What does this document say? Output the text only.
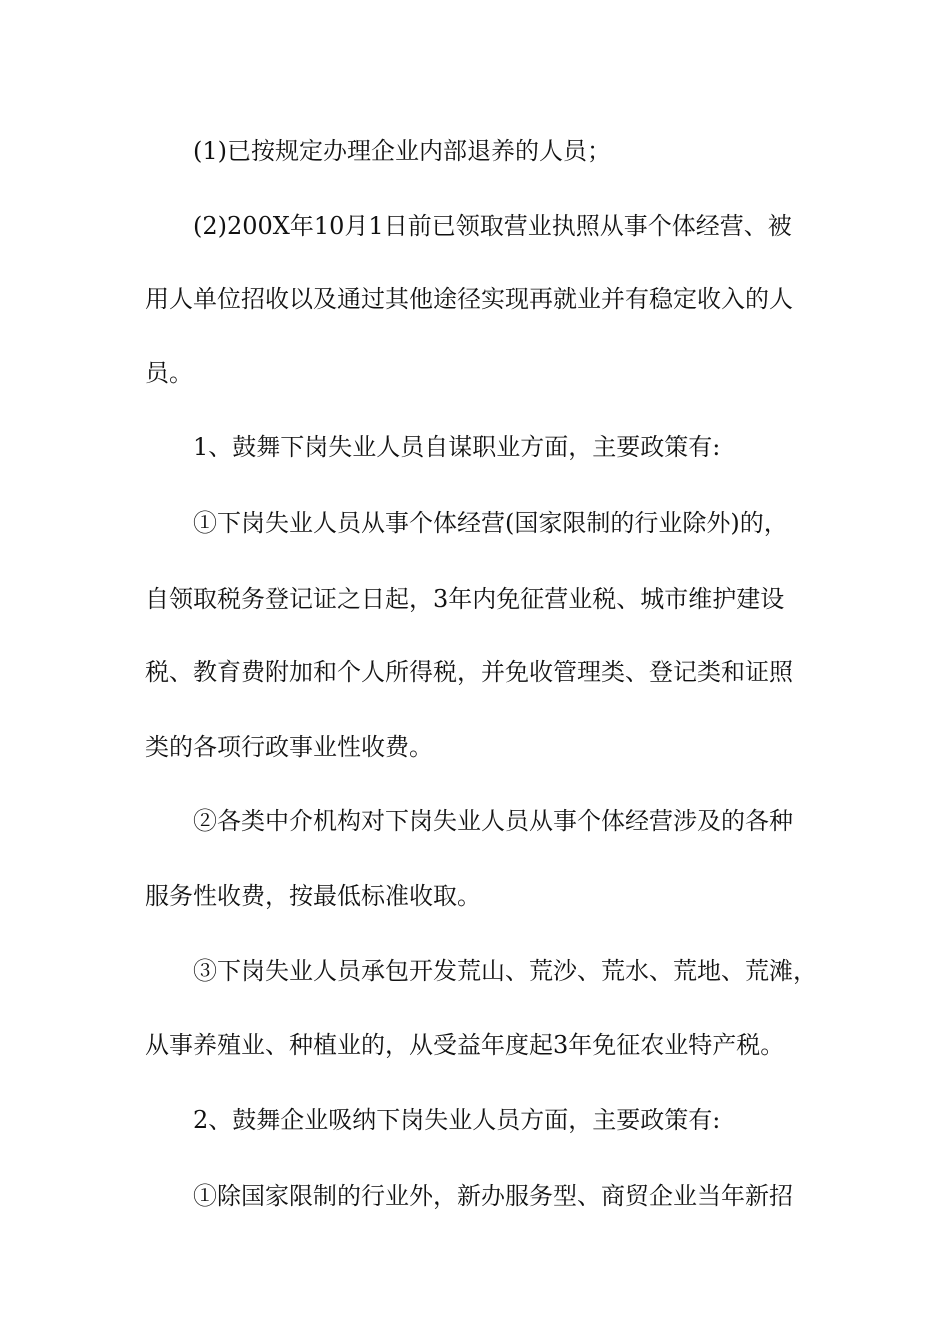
(1)已按规定办理企业内部退养的人员；
(2)200X年10月1日前已领取营业执照从事个体经营、被
用人单位招收以及通过其他途径实现再就业并有稳定收入的人
员。
1、鼓舞下岗失业人员自谋职业方面，主要政策有:
①下岗失业人员从事个体经营(国家限制的行业除外)的，
自领取税务登记证之日起，3年内免征营业税、城市维护建设
税、教育费附加和个人所得税，并免收管理类、登记类和证照
类的各项行政事业性收费。
②各类中介机构对下岗失业人员从事个体经营涉及的各种
服务性收费，按最低标准收取。
③下岗失业人员承包开发荒山、荒沙、荒水、荒地、荒滩，
从事养殖业、种植业的，从受益年度起3年免征农业特产税。
2、鼓舞企业吸纳下岗失业人员方面，主要政策有:
①除国家限制的行业外，新办服务型、商贸企业当年新招
